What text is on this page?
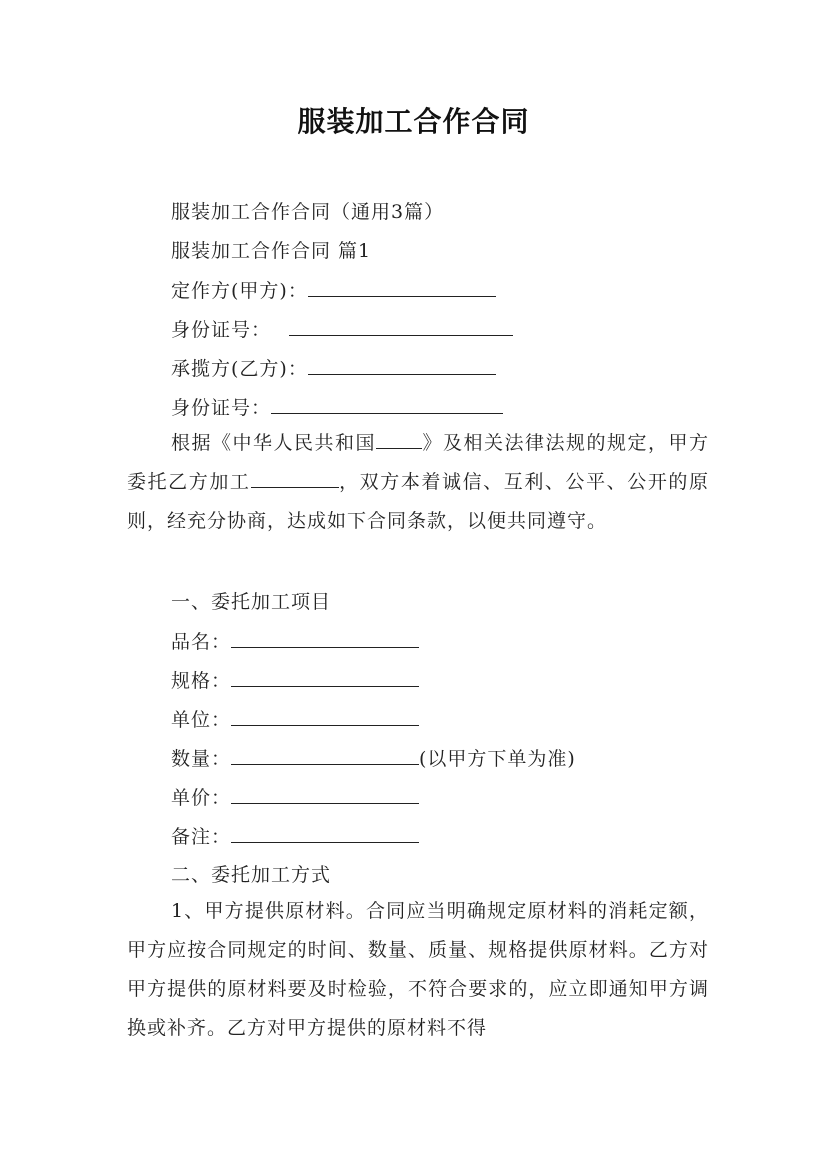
服装加工合作合同
服装加工合作合同（通用3篇）
服装加工合作合同 篇1
定作方(甲方)：
身份证号：
承揽方(乙方)：
身份证号：

根据《中华人民共和国 》及相关法律法规的规定，甲方委托乙方加工	，双方本着诚信、互利、公平、公开的原则，经充分协商，达成如下合同条款，以便共同遵守。

一、委托加工项目
品名：
规格：
单位：
数量：	(以甲方下单为准)
单价：
备注：
二、委托加工方式

1、甲方提供原材料。合同应当明确规定原材料的消耗定额，甲方应按合同规定的时间、数量、质量、规格提供原材料。乙方对甲方提供的原材料要及时检验，不符合要求的，应立即通知甲方调换或补齐。乙方对甲方提供的原材料不得
